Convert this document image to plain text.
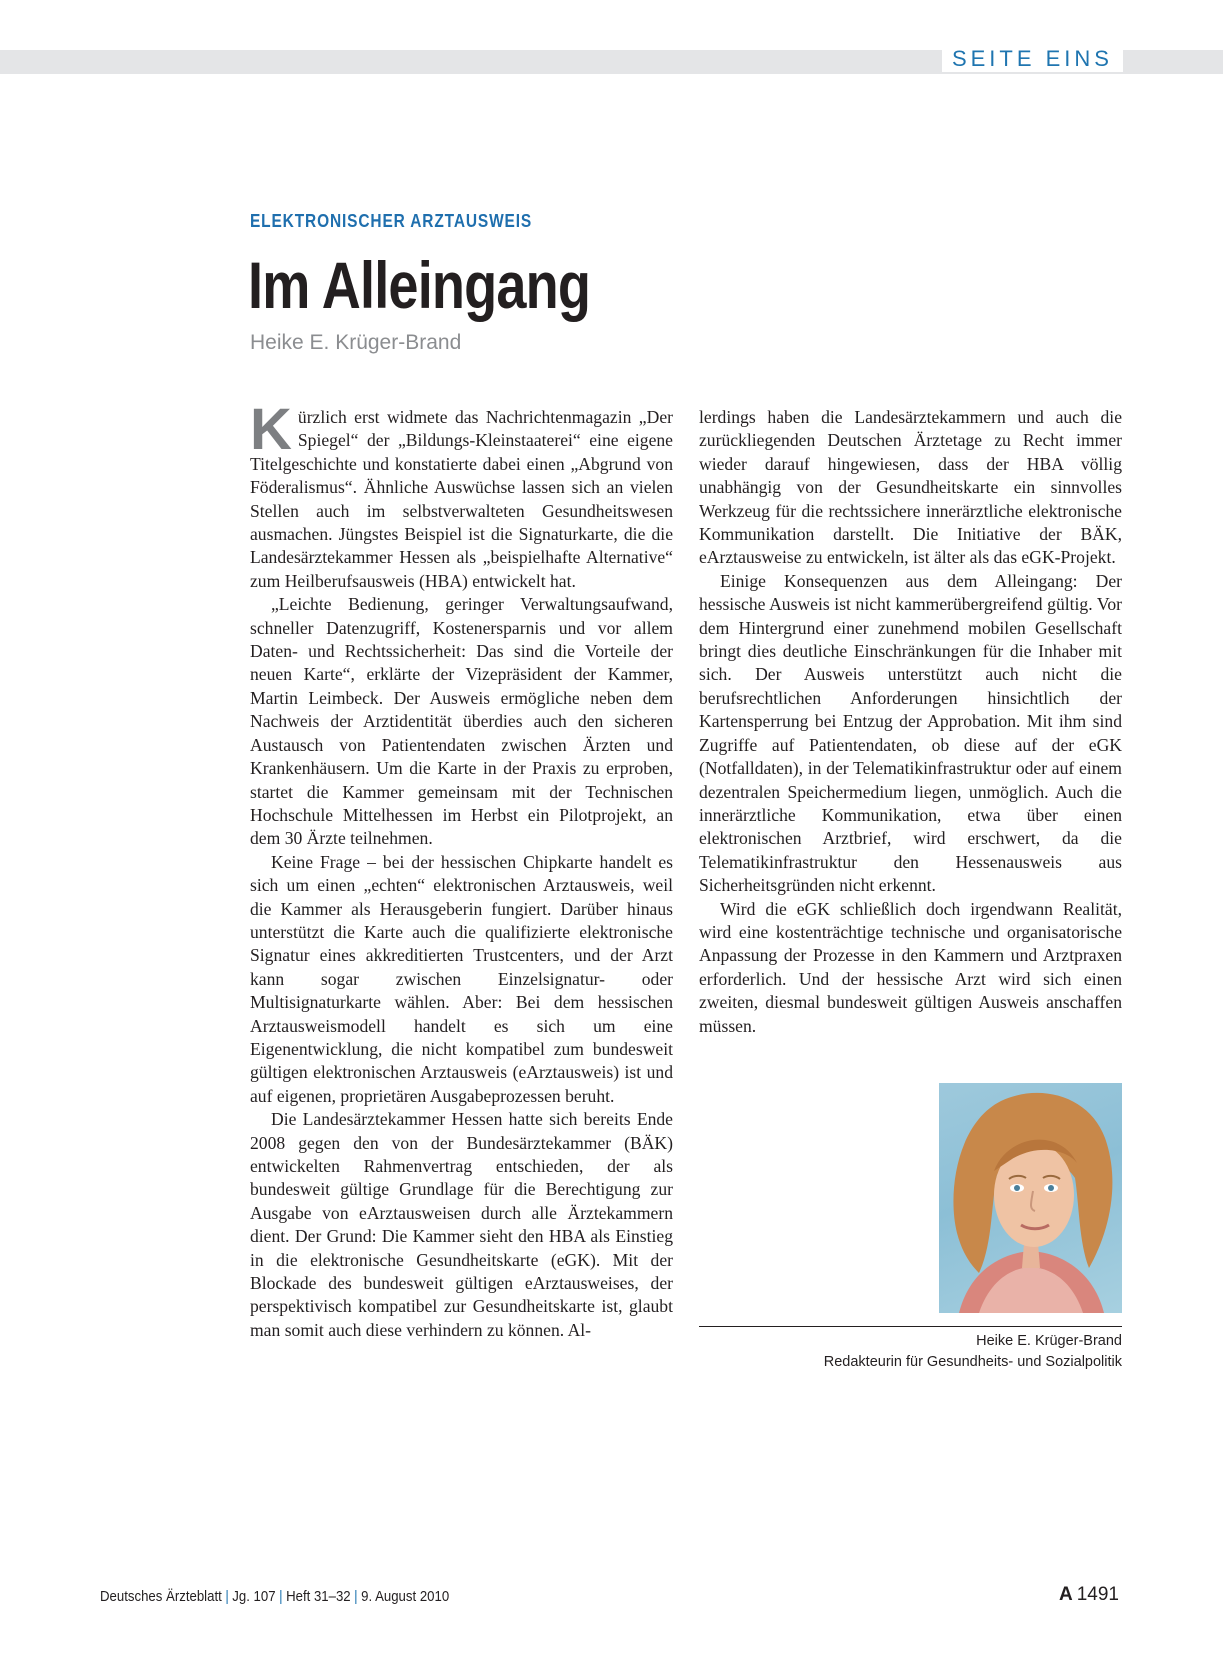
SEITE EINS
ELEKTRONISCHER ARZTAUSWEIS
Im Alleingang
Heike E. Krüger-Brand

Kürzlich erst widmete das Nachrichtenmagazin „Der Spiegel“ der „Bildungs-Kleinstaaterei“ eine eigene Titelgeschichte und konstatierte dabei einen „Abgrund von Föderalismus“. Ähnliche Auswüchse lassen sich an vielen Stellen auch im selbstverwalteten Gesundheitswesen ausmachen. Jüngstes Beispiel ist die Signaturkarte, die die Landesärztekammer Hessen als „beispielhafte Alternative“ zum Heilberufsausweis (HBA) entwickelt hat.

„Leichte Bedienung, geringer Verwaltungsaufwand, schneller Datenzugriff, Kostenersparnis und vor allem Daten- und Rechtssicherheit: Das sind die Vorteile der neuen Karte“, erklärte der Vizepräsident der Kammer, Martin Leimbeck. Der Ausweis ermögliche neben dem Nachweis der Arztidentität überdies auch den sicheren Austausch von Patientendaten zwischen Ärzten und Krankenhäusern. Um die Karte in der Praxis zu erproben, startet die Kammer gemeinsam mit der Technischen Hochschule Mittelhessen im Herbst ein Pilotprojekt, an dem 30 Ärzte teilnehmen.

Keine Frage – bei der hessischen Chipkarte handelt es sich um einen „echten“ elektronischen Arztausweis, weil die Kammer als Herausgeberin fungiert. Darüber hinaus unterstützt die Karte auch die qualifizierte elektronische Signatur eines akkreditierten Trustcenters, und der Arzt kann sogar zwischen Einzelsignatur- oder Multisignaturkarte wählen. Aber: Bei dem hessischen Arztausweismodell handelt es sich um eine Eigenentwicklung, die nicht kompatibel zum bundesweit gültigen elektronischen Arztausweis (eArztausweis) ist und auf eigenen, proprietären Ausgabeprozessen beruht.

Die Landesärztekammer Hessen hatte sich bereits Ende 2008 gegen den von der Bundesärztekammer (BÄK) entwickelten Rahmenvertrag entschieden, der als bundesweit gültige Grundlage für die Berechtigung zur Ausgabe von eArztausweisen durch alle Ärztekammern dient. Der Grund: Die Kammer sieht den HBA als Einstieg in die elektronische Gesundheitskarte (eGK). Mit der Blockade des bundesweit gültigen eArztausweises, der perspektivisch kompatibel zur Gesundheitskarte ist, glaubt man somit auch diese verhindern zu können. Al-

lerdings haben die Landesärztekammern und auch die zurückliegenden Deutschen Ärztetage zu Recht immer wieder darauf hingewiesen, dass der HBA völlig unabhängig von der Gesundheitskarte ein sinnvolles Werkzeug für die rechtssichere innerärztliche elektronische Kommunikation darstellt. Die Initiative der BÄK, eArztausweise zu entwickeln, ist älter als das eGK-Projekt.

Einige Konsequenzen aus dem Alleingang: Der hessische Ausweis ist nicht kammerübergreifend gültig. Vor dem Hintergrund einer zunehmend mobilen Gesellschaft bringt dies deutliche Einschränkungen für die Inhaber mit sich. Der Ausweis unterstützt auch nicht die berufsrechtlichen Anforderungen hinsichtlich der Kartensperrung bei Entzug der Approbation. Mit ihm sind Zugriffe auf Patientendaten, ob diese auf der eGK (Notfalldaten), in der Telematikinfrastruktur oder auf einem dezentralen Speichermedium liegen, unmöglich. Auch die innerärztliche Kommunikation, etwa über einen elektronischen Arztbrief, wird erschwert, da die Telematikinfrastruktur den Hessenausweis aus Sicherheitsgründen nicht erkennt.

Wird die eGK schließlich doch irgendwann Realität, wird eine kostenträchtige technische und organisatorische Anpassung der Prozesse in den Kammern und Arztpraxen erforderlich. Und der hessische Arzt wird sich einen zweiten, diesmal bundesweit gültigen Ausweis anschaffen müssen.

Heike E. Krüger-Brand
Redakteurin für Gesundheits- und Sozialpolitik
Deutsches Ärzteblatt | Jg. 107 | Heft 31–32 | 9. August 2010	A 1491
